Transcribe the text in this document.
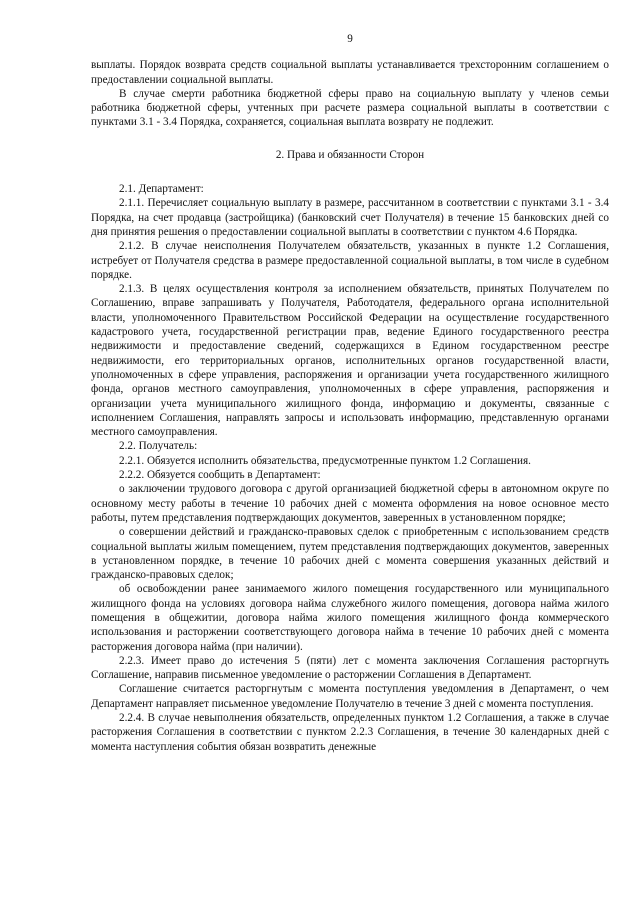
9

выплаты. Порядок возврата средств социальной выплаты устанавливается трехсторонним соглашением о предоставлении социальной выплаты.

В случае смерти работника бюджетной сферы право на социальную выплату у членов семьи работника бюджетной сферы, учтенных при расчете размера социальной выплаты в соответствии с пунктами 3.1 - 3.4 Порядка, сохраняется, социальная выплата возврату не подлежит.

2. Права и обязанности Сторон

2.1. Департамент:

2.1.1. Перечисляет социальную выплату в размере, рассчитанном в соответствии с пунктами 3.1 - 3.4 Порядка, на счет продавца (застройщика) (банковский счет Получателя) в течение 15 банковских дней со дня принятия решения о предоставлении социальной выплаты в соответствии с пунктом 4.6 Порядка.

2.1.2. В случае неисполнения Получателем обязательств, указанных в пункте 1.2 Соглашения, истребует от Получателя средства в размере предоставленной социальной выплаты, в том числе в судебном порядке.

2.1.3. В целях осуществления контроля за исполнением обязательств, принятых Получателем по Соглашению, вправе запрашивать у Получателя, Работодателя, федерального органа исполнительной власти, уполномоченного Правительством Российской Федерации на осуществление государственного кадастрового учета, государственной регистрации прав, ведение Единого государственного реестра недвижимости и предоставление сведений, содержащихся в Едином государственном реестре недвижимости, его территориальных органов, исполнительных органов государственной власти, уполномоченных в сфере управления, распоряжения и организации учета государственного жилищного фонда, органов местного самоуправления, уполномоченных в сфере управления, распоряжения и организации учета муниципального жилищного фонда, информацию и документы, связанные с исполнением Соглашения, направлять запросы и использовать информацию, представленную органами местного самоуправления.

2.2. Получатель:

2.2.1. Обязуется исполнить обязательства, предусмотренные пунктом 1.2 Соглашения.

2.2.2. Обязуется сообщить в Департамент:

о заключении трудового договора с другой организацией бюджетной сферы в автономном округе по основному месту работы в течение 10 рабочих дней с момента оформления на новое основное место работы, путем представления подтверждающих документов, заверенных в установленном порядке;

о совершении действий и гражданско-правовых сделок с приобретенным с использованием средств социальной выплаты жилым помещением, путем представления подтверждающих документов, заверенных в установленном порядке, в течение 10 рабочих дней с момента совершения указанных действий и гражданско-правовых сделок;

об освобождении ранее занимаемого жилого помещения государственного или муниципального жилищного фонда на условиях договора найма служебного жилого помещения, договора найма жилого помещения в общежитии, договора найма жилого помещения жилищного фонда коммерческого использования и расторжении соответствующего договора найма в течение 10 рабочих дней с момента расторжения договора найма (при наличии).

2.2.3. Имеет право до истечения 5 (пяти) лет с момента заключения Соглашения расторгнуть Соглашение, направив письменное уведомление о расторжении Соглашения в Департамент.

Соглашение считается расторгнутым с момента поступления уведомления в Департамент, о чем Департамент направляет письменное уведомление Получателю в течение 3 дней с момента поступления.

2.2.4. В случае невыполнения обязательств, определенных пунктом 1.2 Соглашения, а также в случае расторжения Соглашения в соответствии с пунктом 2.2.3 Соглашения, в течение 30 календарных дней с момента наступления события обязан возвратить денежные
